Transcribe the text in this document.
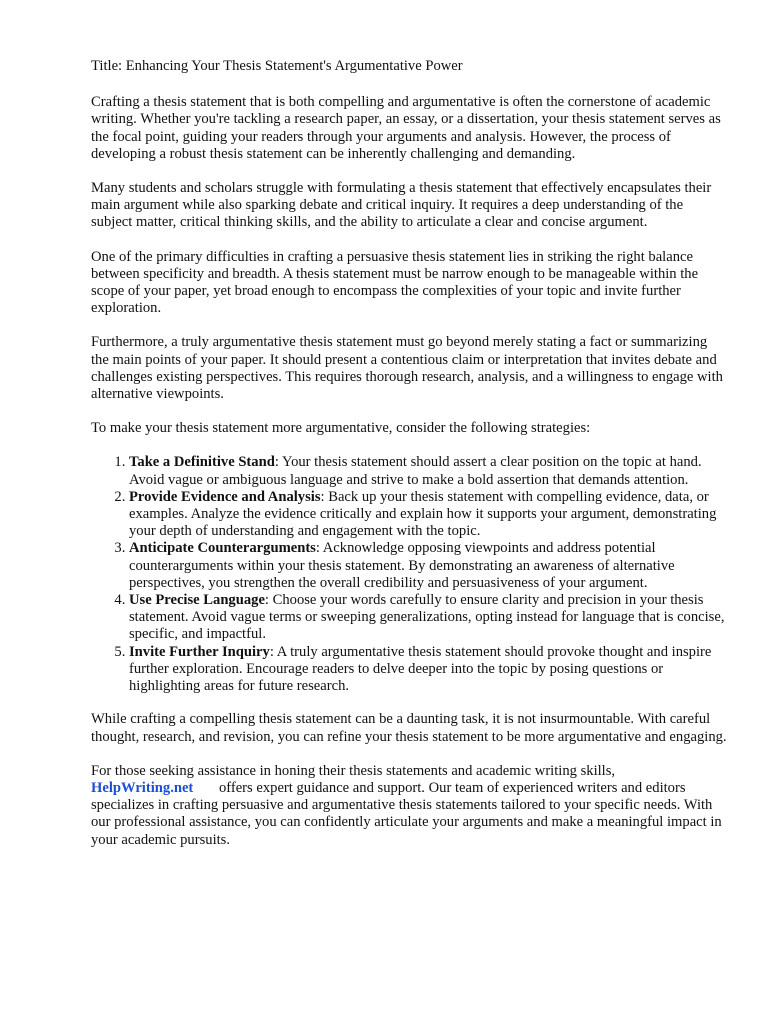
Title: Enhancing Your Thesis Statement's Argumentative Power

Crafting a thesis statement that is both compelling and argumentative is often the cornerstone of academic writing. Whether you're tackling a research paper, an essay, or a dissertation, your thesis statement serves as the focal point, guiding your readers through your arguments and analysis. However, the process of developing a robust thesis statement can be inherently challenging and demanding.

Many students and scholars struggle with formulating a thesis statement that effectively encapsulates their main argument while also sparking debate and critical inquiry. It requires a deep understanding of the subject matter, critical thinking skills, and the ability to articulate a clear and concise argument.

One of the primary difficulties in crafting a persuasive thesis statement lies in striking the right balance between specificity and breadth. A thesis statement must be narrow enough to be manageable within the scope of your paper, yet broad enough to encompass the complexities of your topic and invite further exploration.

Furthermore, a truly argumentative thesis statement must go beyond merely stating a fact or summarizing the main points of your paper. It should present a contentious claim or interpretation that invites debate and challenges existing perspectives. This requires thorough research, analysis, and a willingness to engage with alternative viewpoints.

To make your thesis statement more argumentative, consider the following strategies:

1. Take a Definitive Stand: Your thesis statement should assert a clear position on the topic at hand. Avoid vague or ambiguous language and strive to make a bold assertion that demands attention.
2. Provide Evidence and Analysis: Back up your thesis statement with compelling evidence, data, or examples. Analyze the evidence critically and explain how it supports your argument, demonstrating your depth of understanding and engagement with the topic.
3. Anticipate Counterarguments: Acknowledge opposing viewpoints and address potential counterarguments within your thesis statement. By demonstrating an awareness of alternative perspectives, you strengthen the overall credibility and persuasiveness of your argument.
4. Use Precise Language: Choose your words carefully to ensure clarity and precision in your thesis statement. Avoid vague terms or sweeping generalizations, opting instead for language that is concise, specific, and impactful.
5. Invite Further Inquiry: A truly argumentative thesis statement should provoke thought and inspire further exploration. Encourage readers to delve deeper into the topic by posing questions or highlighting areas for future research.

While crafting a compelling thesis statement can be a daunting task, it is not insurmountable. With careful thought, research, and revision, you can refine your thesis statement to be more argumentative and engaging.

For those seeking assistance in honing their thesis statements and academic writing skills, HelpWriting.net offers expert guidance and support. Our team of experienced writers and editors specializes in crafting persuasive and argumentative thesis statements tailored to your specific needs. With our professional assistance, you can confidently articulate your arguments and make a meaningful impact in your academic pursuits.
